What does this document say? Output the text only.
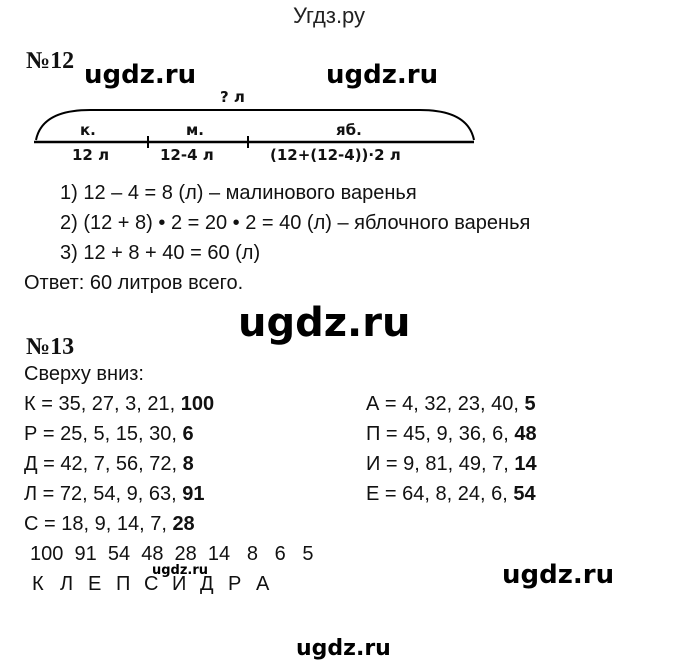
Угдз.ру
№12 ugdz.ru	ugdz.ru
? л
к.	м.	яб.
12 л	12-4 л	(12+(12-4))·2 л
1) 12 – 4 = 8 (л) – малинового варенья
2) (12 + 8) • 2 = 20 • 2 = 40 (л) – яблочного варенья
3) 12 + 8 + 40 = 60 (л)
Ответ: 60 литров всего.
ugdz.ru
№13
Сверху вниз:
К = 35, 27, 3, 21, 100
Р = 25, 5, 15, 30, 6
Д = 42, 7, 56, 72, 8
Л = 72, 54, 9, 63, 91
С = 18, 9, 14, 7, 28
А = 4, 32, 23, 40, 5
П = 45, 9, 36, 6, 48
И = 9, 81, 49, 7, 14
Е = 64, 8, 24, 6, 54
100  91  54  48  28  14   8   6   5
К Л Е П С И Д Р А
ugdz.ru	ugdz.ru
ugdz.ru
